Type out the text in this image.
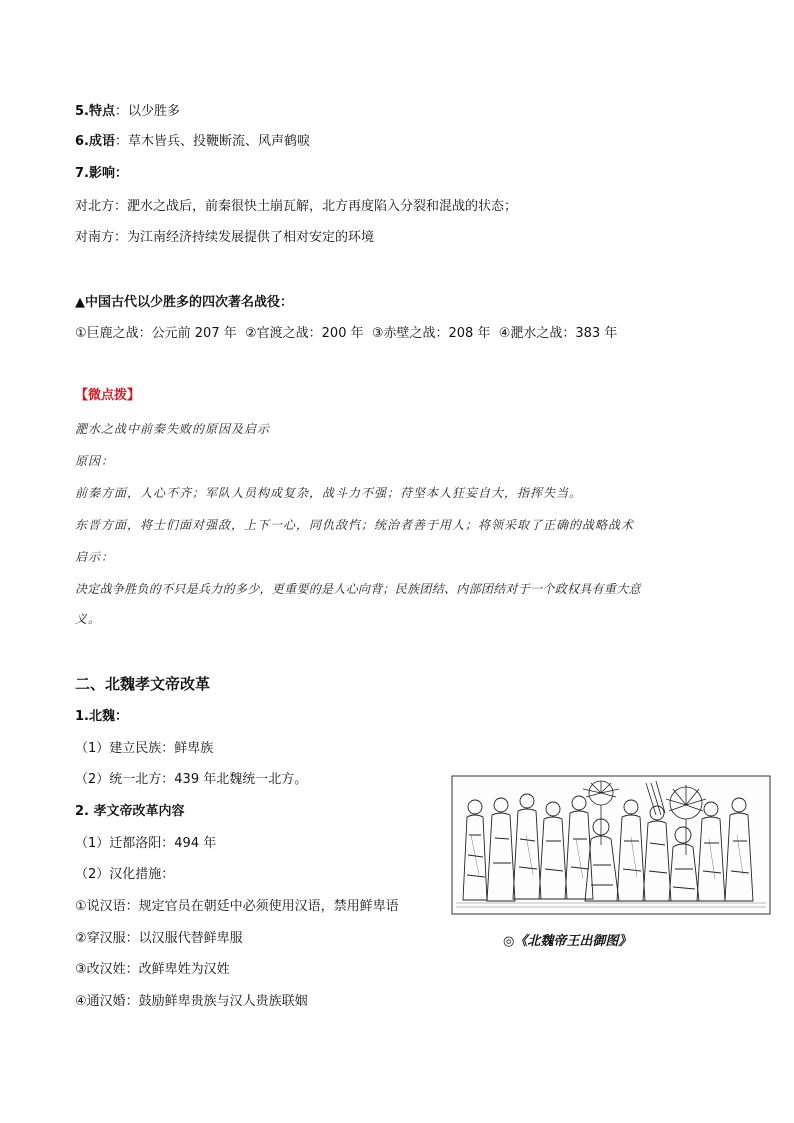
5.特点：以少胜多
6.成语：草木皆兵、投鞭断流、风声鹤唳
7.影响：
对北方：淝水之战后，前秦很快土崩瓦解，北方再度陷入分裂和混战的状态；
对南方：为江南经济持续发展提供了相对安定的环境
▲中国古代以少胜多的四次著名战役：
①巨鹿之战：公元前 207 年  ②官渡之战：200 年  ③赤壁之战：208 年  ④淝水之战：383 年
【微点拨】
淝水之战中前秦失败的原因及启示
原因：
前秦方面，人心不齐；军队人员构成复杂，战斗力不强；苻坚本人狂妄自大，指挥失当。
东晋方面，将士们面对强敌，上下一心，同仇敌忾；统治者善于用人；将领采取了正确的战略战术
启示：
决定战争胜负的不只是兵力的多少，更重要的是人心向背；民族团结、内部团结对于一个政权具有重大意
义。
二、北魏孝文帝改革
1.北魏：
（1）建立民族：鲜卑族
（2）统一北方：439 年北魏统一北方。
2. 孝文帝改革内容
（1）迁都洛阳：494 年
（2）汉化措施：
①说汉语：规定官员在朝廷中必须使用汉语，禁用鲜卑语
②穿汉服：以汉服代替鲜卑服
③改汉姓：改鲜卑姓为汉姓
④通汉婚：鼓励鲜卑贵族与汉人贵族联姻
◎《北魏帝王出御图》
